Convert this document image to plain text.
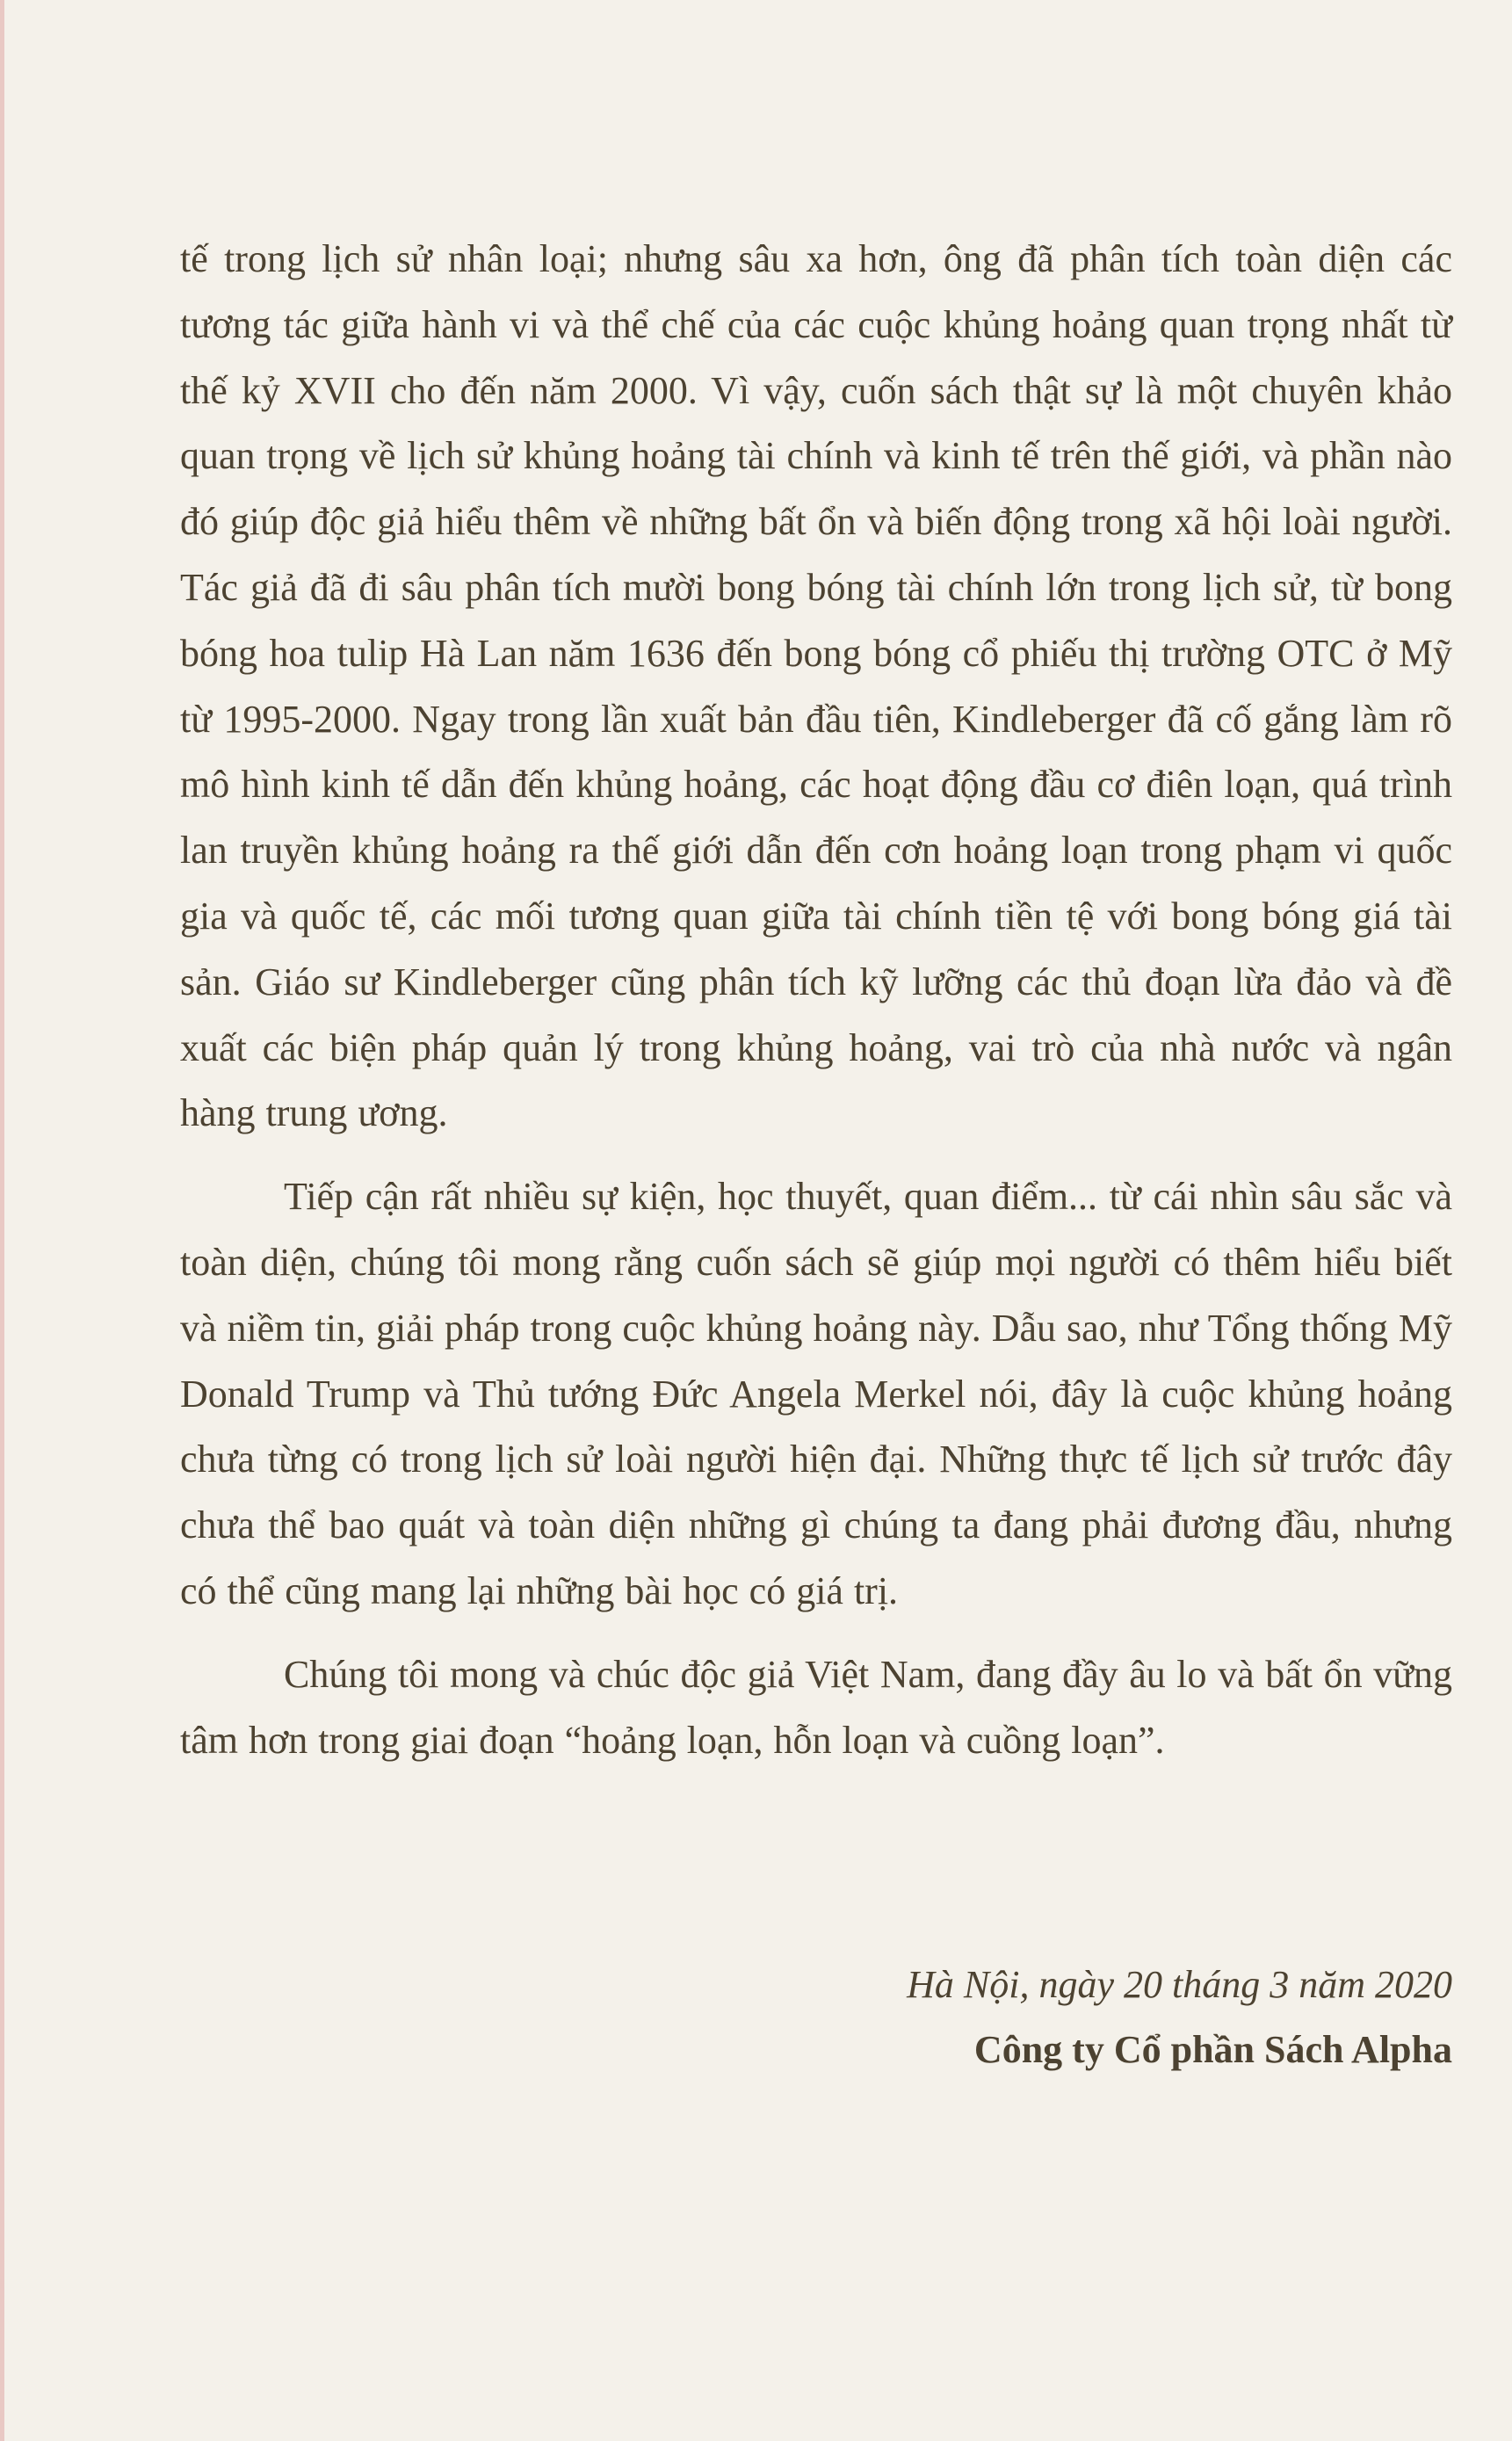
tế trong lịch sử nhân loại; nhưng sâu xa hơn, ông đã phân tích toàn diện các tương tác giữa hành vi và thể chế của các cuộc khủng hoảng quan trọng nhất từ thế kỷ XVII cho đến năm 2000. Vì vậy, cuốn sách thật sự là một chuyên khảo quan trọng về lịch sử khủng hoảng tài chính và kinh tế trên thế giới, và phần nào đó giúp độc giả hiểu thêm về những bất ổn và biến động trong xã hội loài người. Tác giả đã đi sâu phân tích mười bong bóng tài chính lớn trong lịch sử, từ bong bóng hoa tulip Hà Lan năm 1636 đến bong bóng cổ phiếu thị trường OTC ở Mỹ từ 1995-2000. Ngay trong lần xuất bản đầu tiên, Kindleberger đã cố gắng làm rõ mô hình kinh tế dẫn đến khủng hoảng, các hoạt động đầu cơ điên loạn, quá trình lan truyền khủng hoảng ra thế giới dẫn đến cơn hoảng loạn trong phạm vi quốc gia và quốc tế, các mối tương quan giữa tài chính tiền tệ với bong bóng giá tài sản. Giáo sư Kindleberger cũng phân tích kỹ lưỡng các thủ đoạn lừa đảo và đề xuất các biện pháp quản lý trong khủng hoảng, vai trò của nhà nước và ngân hàng trung ương.

Tiếp cận rất nhiều sự kiện, học thuyết, quan điểm... từ cái nhìn sâu sắc và toàn diện, chúng tôi mong rằng cuốn sách sẽ giúp mọi người có thêm hiểu biết và niềm tin, giải pháp trong cuộc khủng hoảng này. Dẫu sao, như Tổng thống Mỹ Donald Trump và Thủ tướng Đức Angela Merkel nói, đây là cuộc khủng hoảng chưa từng có trong lịch sử loài người hiện đại. Những thực tế lịch sử trước đây chưa thể bao quát và toàn diện những gì chúng ta đang phải đương đầu, nhưng có thể cũng mang lại những bài học có giá trị.

Chúng tôi mong và chúc độc giả Việt Nam, đang đầy âu lo và bất ổn vững tâm hơn trong giai đoạn “hoảng loạn, hỗn loạn và cuồng loạn”.

Hà Nội, ngày 20 tháng 3 năm 2020

Công ty Cổ phần Sách Alpha
